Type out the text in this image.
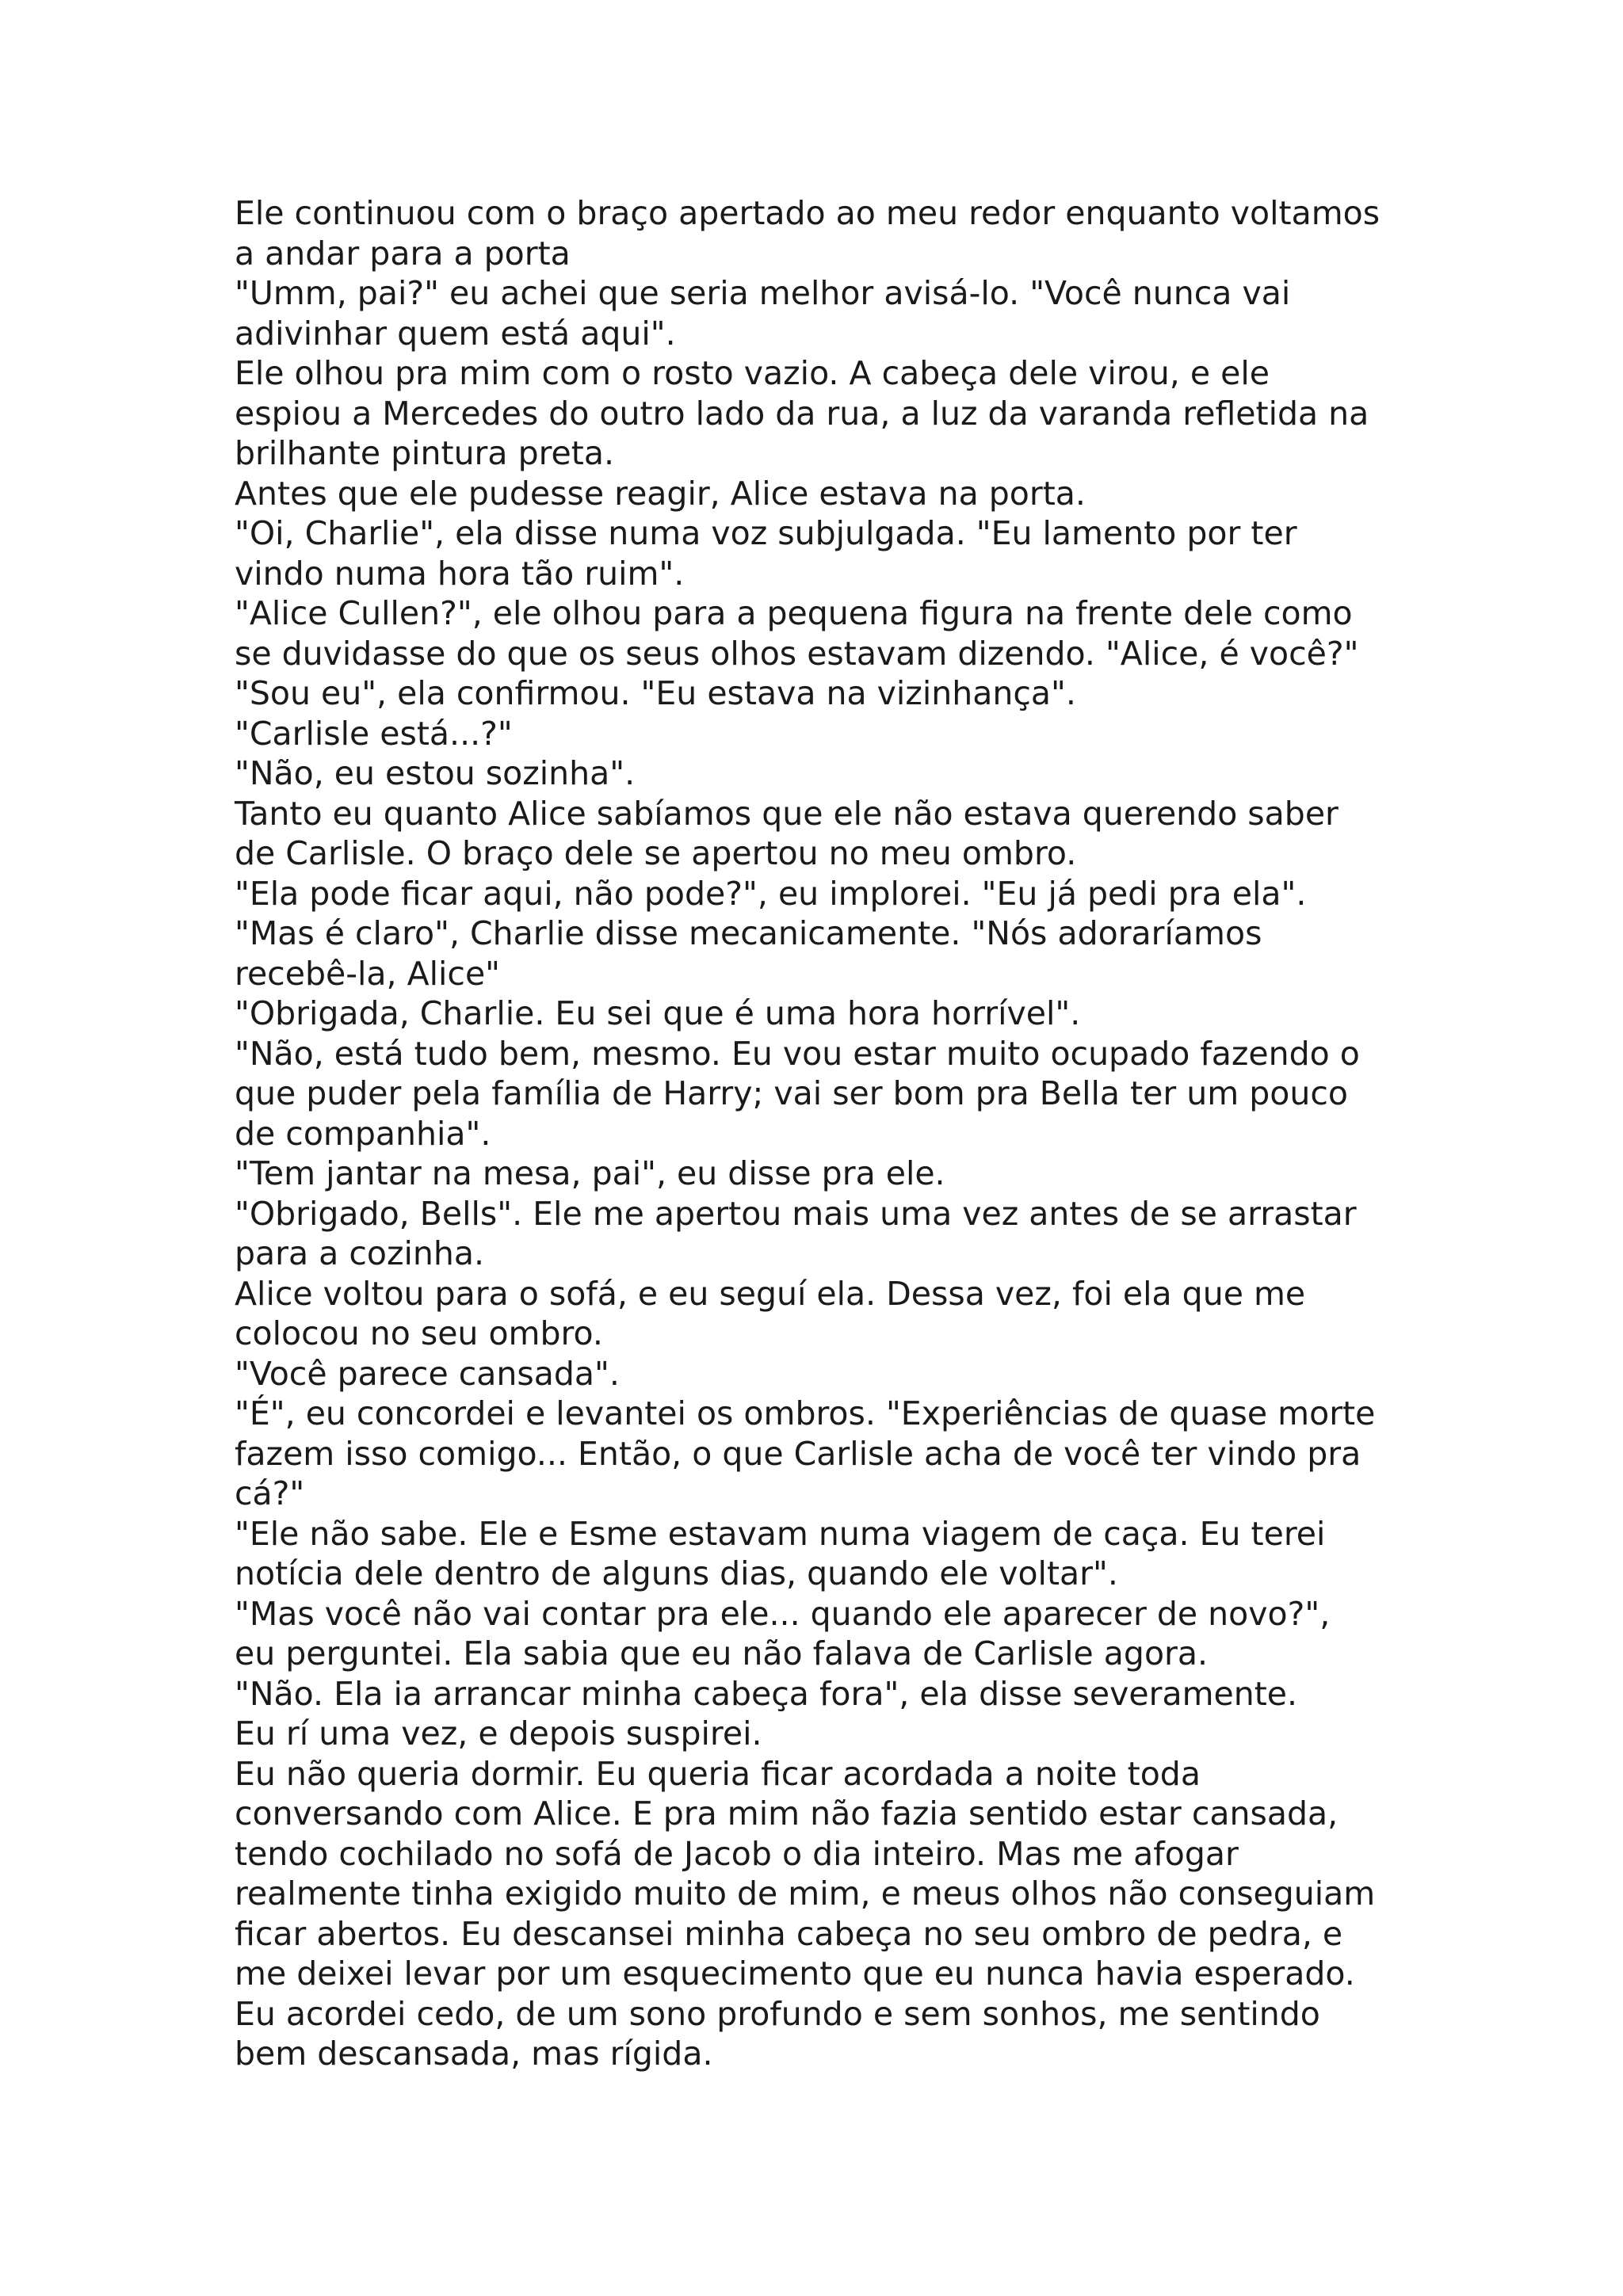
Ele continuou com o braço apertado ao meu redor enquanto voltamos
a andar para a porta
"Umm, pai?" eu achei que seria melhor avisá-lo. "Você nunca vai
adivinhar quem está aqui".
Ele olhou pra mim com o rosto vazio. A cabeça dele virou, e ele
espiou a Mercedes do outro lado da rua, a luz da varanda refletida na
brilhante pintura preta.
Antes que ele pudesse reagir, Alice estava na porta.
"Oi, Charlie", ela disse numa voz subjulgada. "Eu lamento por ter
vindo numa hora tão ruim".
"Alice Cullen?", ele olhou para a pequena figura na frente dele como
se duvidasse do que os seus olhos estavam dizendo. "Alice, é você?"
"Sou eu", ela confirmou. "Eu estava na vizinhança".
"Carlisle está...?"
"Não, eu estou sozinha".
Tanto eu quanto Alice sabíamos que ele não estava querendo saber
de Carlisle. O braço dele se apertou no meu ombro.
"Ela pode ficar aqui, não pode?", eu implorei. "Eu já pedi pra ela".
"Mas é claro", Charlie disse mecanicamente. "Nós adoraríamos
recebê-la, Alice"
"Obrigada, Charlie. Eu sei que é uma hora horrível".
"Não, está tudo bem, mesmo. Eu vou estar muito ocupado fazendo o
que puder pela família de Harry; vai ser bom pra Bella ter um pouco
de companhia".
"Tem jantar na mesa, pai", eu disse pra ele.
"Obrigado, Bells". Ele me apertou mais uma vez antes de se arrastar
para a cozinha.
Alice voltou para o sofá, e eu seguí ela. Dessa vez, foi ela que me
colocou no seu ombro.
"Você parece cansada".
"É", eu concordei e levantei os ombros. "Experiências de quase morte
fazem isso comigo... Então, o que Carlisle acha de você ter vindo pra
cá?"
"Ele não sabe. Ele e Esme estavam numa viagem de caça. Eu terei
notícia dele dentro de alguns dias, quando ele voltar".
"Mas você não vai contar pra ele... quando ele aparecer de novo?",
eu perguntei. Ela sabia que eu não falava de Carlisle agora.
"Não. Ela ia arrancar minha cabeça fora", ela disse severamente.
Eu rí uma vez, e depois suspirei.
Eu não queria dormir. Eu queria ficar acordada a noite toda
conversando com Alice. E pra mim não fazia sentido estar cansada,
tendo cochilado no sofá de Jacob o dia inteiro. Mas me afogar
realmente tinha exigido muito de mim, e meus olhos não conseguiam
ficar abertos. Eu descansei minha cabeça no seu ombro de pedra, e
me deixei levar por um esquecimento que eu nunca havia esperado.
Eu acordei cedo, de um sono profundo e sem sonhos, me sentindo
bem descansada, mas rígida.
